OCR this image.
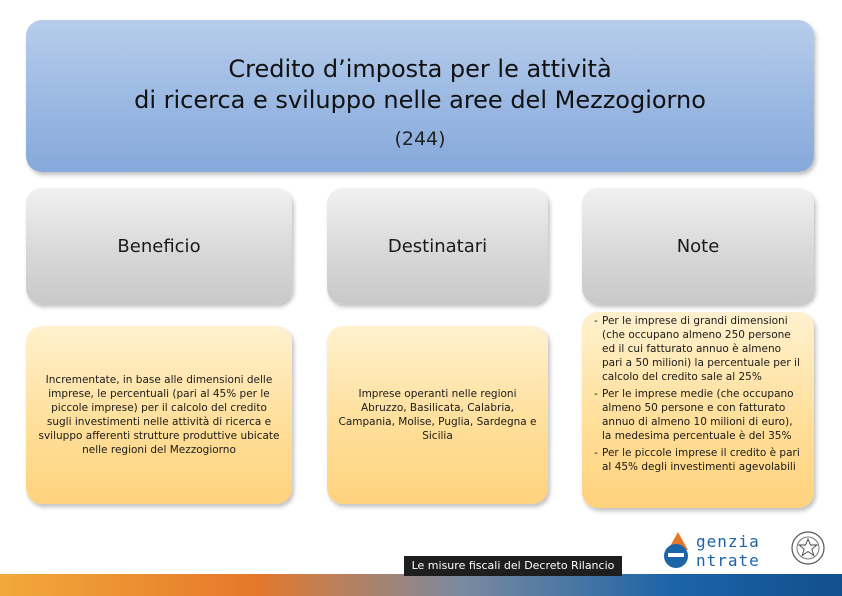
Credito d’imposta per le attività
di ricerca e sviluppo nelle aree del Mezzogiorno
(244)
Beneficio	Destinatari	Note
Incrementate, in base alle dimensioni delle imprese, le percentuali (pari al 45% per le piccole imprese) per il calcolo del credito sugli investimenti nelle attività di ricerca e sviluppo afferenti strutture produttive ubicate nelle regioni del Mezzogiorno
Imprese operanti nelle regioni Abruzzo, Basilicata, Calabria, Campania, Molise, Puglia, Sardegna e Sicilia
- Per le imprese di grandi dimensioni (che occupano almeno 250 persone ed il cui fatturato annuo è almeno pari a 50 milioni) la percentuale per il calcolo del credito sale al 25%
- Per le imprese medie (che occupano almeno 50 persone e con fatturato annuo di almeno 10 milioni di euro), la medesima percentuale è del 35%
- Per le piccole imprese il credito è pari al 45% degli investimenti agevolabili
Le misure fiscali del Decreto Rilancio
genzia
ntrate
